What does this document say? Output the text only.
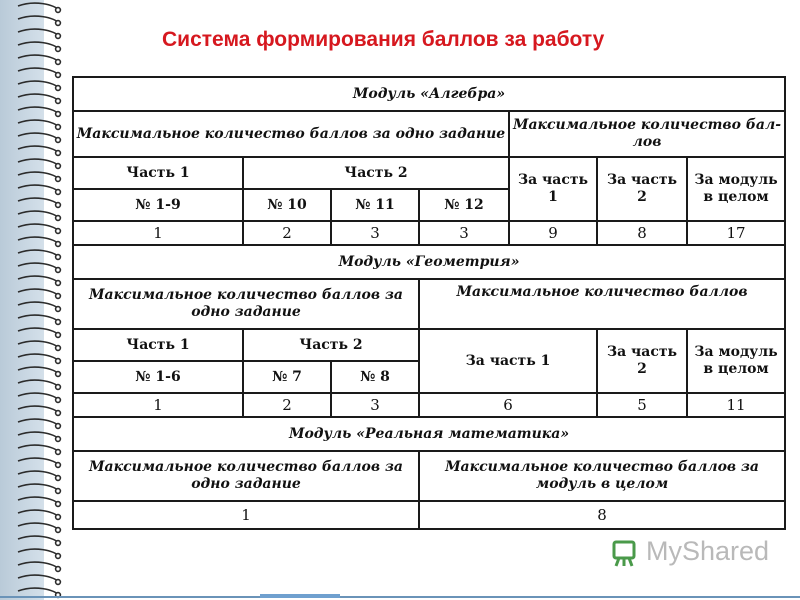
Система формирования баллов за работу
Модуль «Алгебра»						
Максимальное количество баллов за одно задание				Максимальное количество бал-лов		
Часть 1	Часть 2			За часть 1	За часть 2	За модуль в целом
№ 1-9	№ 10	№ 11	№ 12			
1	2	3	3	9	8	17
Модуль «Геометрия»						
Максимальное количество баллов за одно задание			Максимальное количество баллов			
Часть 1	Часть 2		За часть 1		За часть 2	За модуль в целом
№ 1-6	№ 7	№ 8				
1	2	3	6		5	11
Модуль «Реальная математика»						
Максимальное количество баллов за одно задание			Максимальное количество баллов за модуль в целом			
1			8			
MyShared
